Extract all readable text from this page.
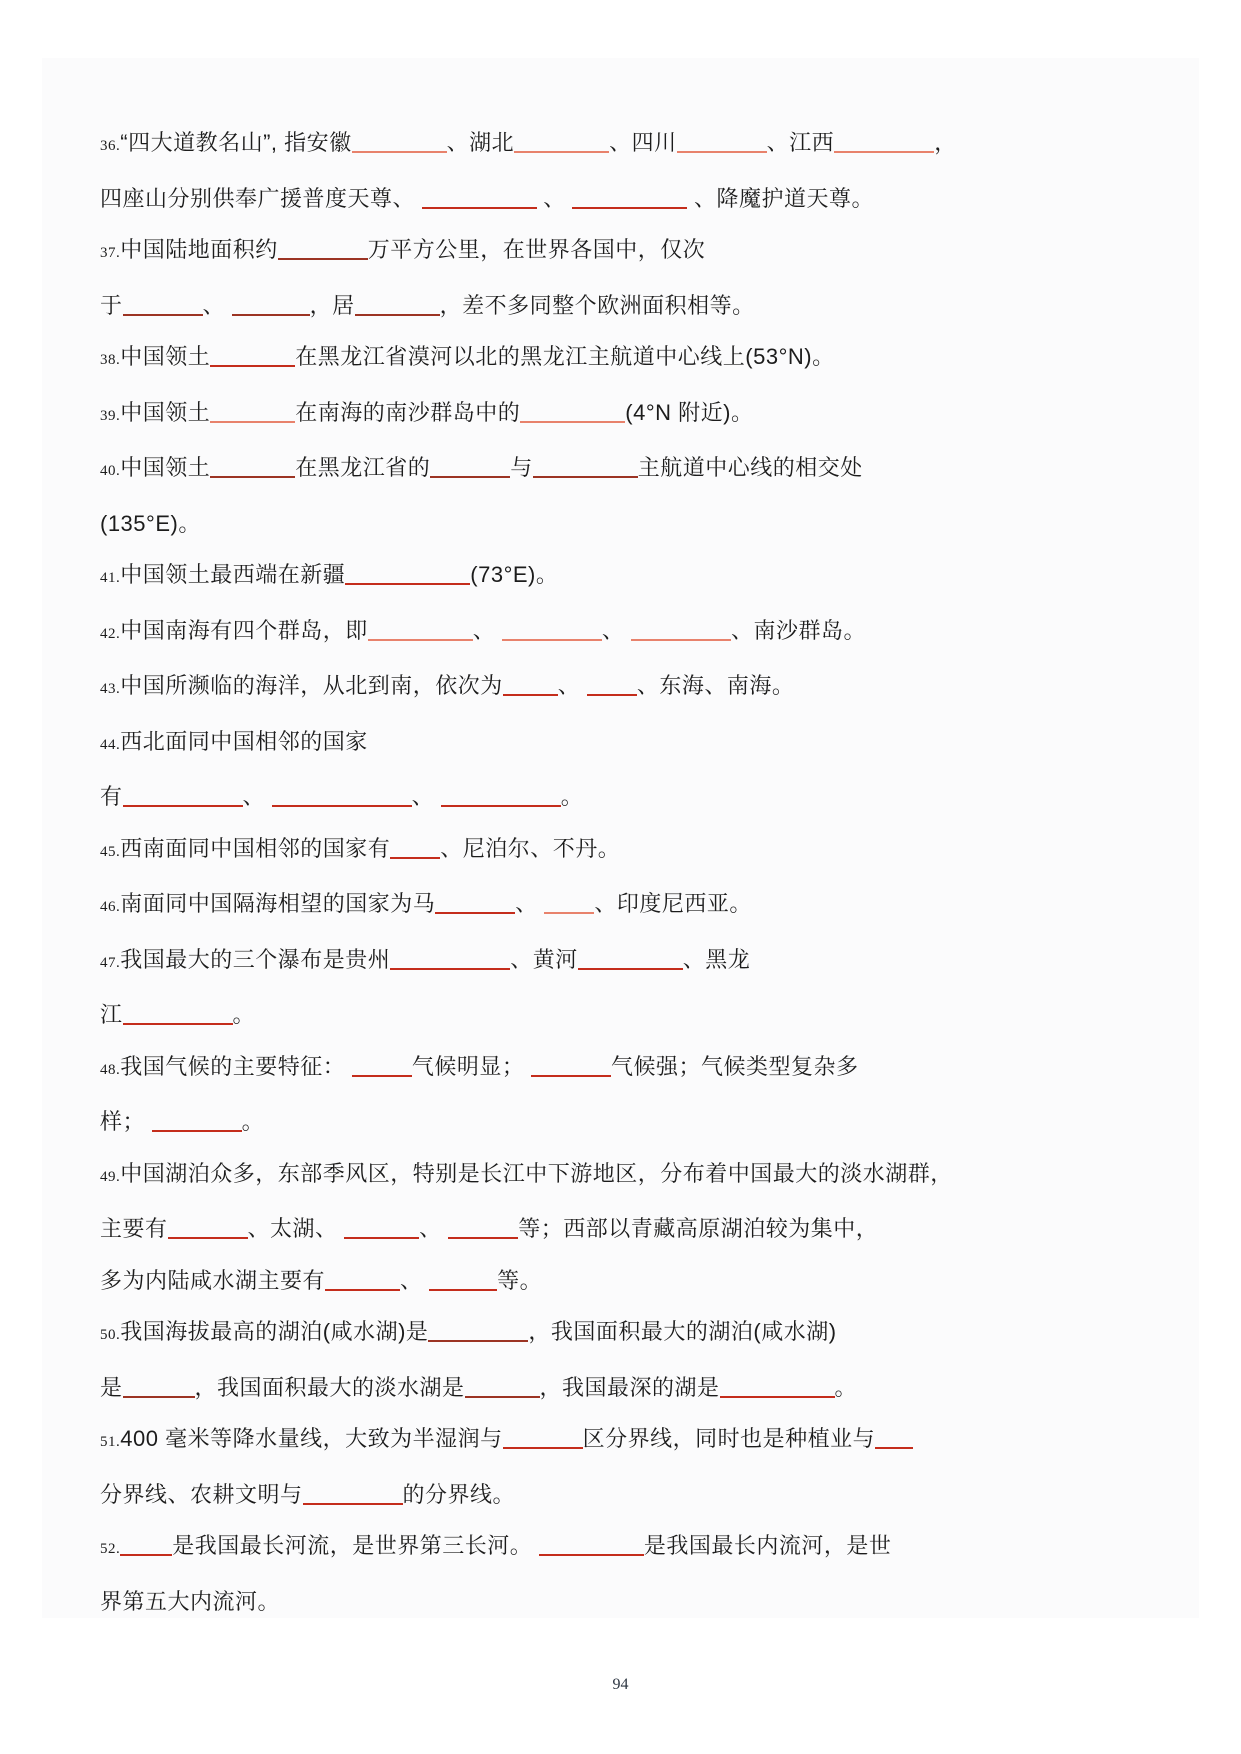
36.“四大道教名山”, 指安徽	、湖北	、四川	、江西	，
四座山分别供奉广援普度天尊、	、	、降魔护道天尊。
37.中国陆地面积约	万平方公里，在世界各国中，仅次
于	、	，居	，差不多同整个欧洲面积相等。
38.中国领土	在黑龙江省漠河以北的黑龙江主航道中心线上(53°N)。
39.中国领土	在南海的南沙群岛中的	(4°N 附近)。
40.中国领土	在黑龙江省的	与	主航道中心线的相交处
(135°E)。
41.中国领土最西端在新疆	(73°E)。
42.中国南海有四个群岛，即	、	、	、南沙群岛。
43.中国所濒临的海洋，从北到南，依次为	、 、东海、南海。
44.西北面同中国相邻的国家
有	、	、	。
45.西南面同中国相邻的国家有 、尼泊尔、不丹。
46.南面同中国隔海相望的国家为马	、 、印度尼西亚。
47.我国最大的三个瀑布是贵州	、黄河	、黑龙
江	。
48.我国气候的主要特征：	气候明显；	气候强；气候类型复杂多
样；	。
49.中国湖泊众多，东部季风区，特别是长江中下游地区，分布着中国最大的淡水湖群，
主要有	、太湖、	、	等；西部以青藏高原湖泊较为集中，
多为内陆咸水湖主要有	、	等。
50.我国海拔最高的湖泊(咸水湖)是	，我国面积最大的湖泊(咸水湖)
是	，我国面积最大的淡水湖是	，我国最深的湖是	。
51.400 毫米等降水量线，大致为半湿润与	区分界线，同时也是种植业与
分界线、农耕文明与	的分界线。
52. 是我国最长河流，是世界第三长河。	是我国最长内流河，是世
界第五大内流河。
94
